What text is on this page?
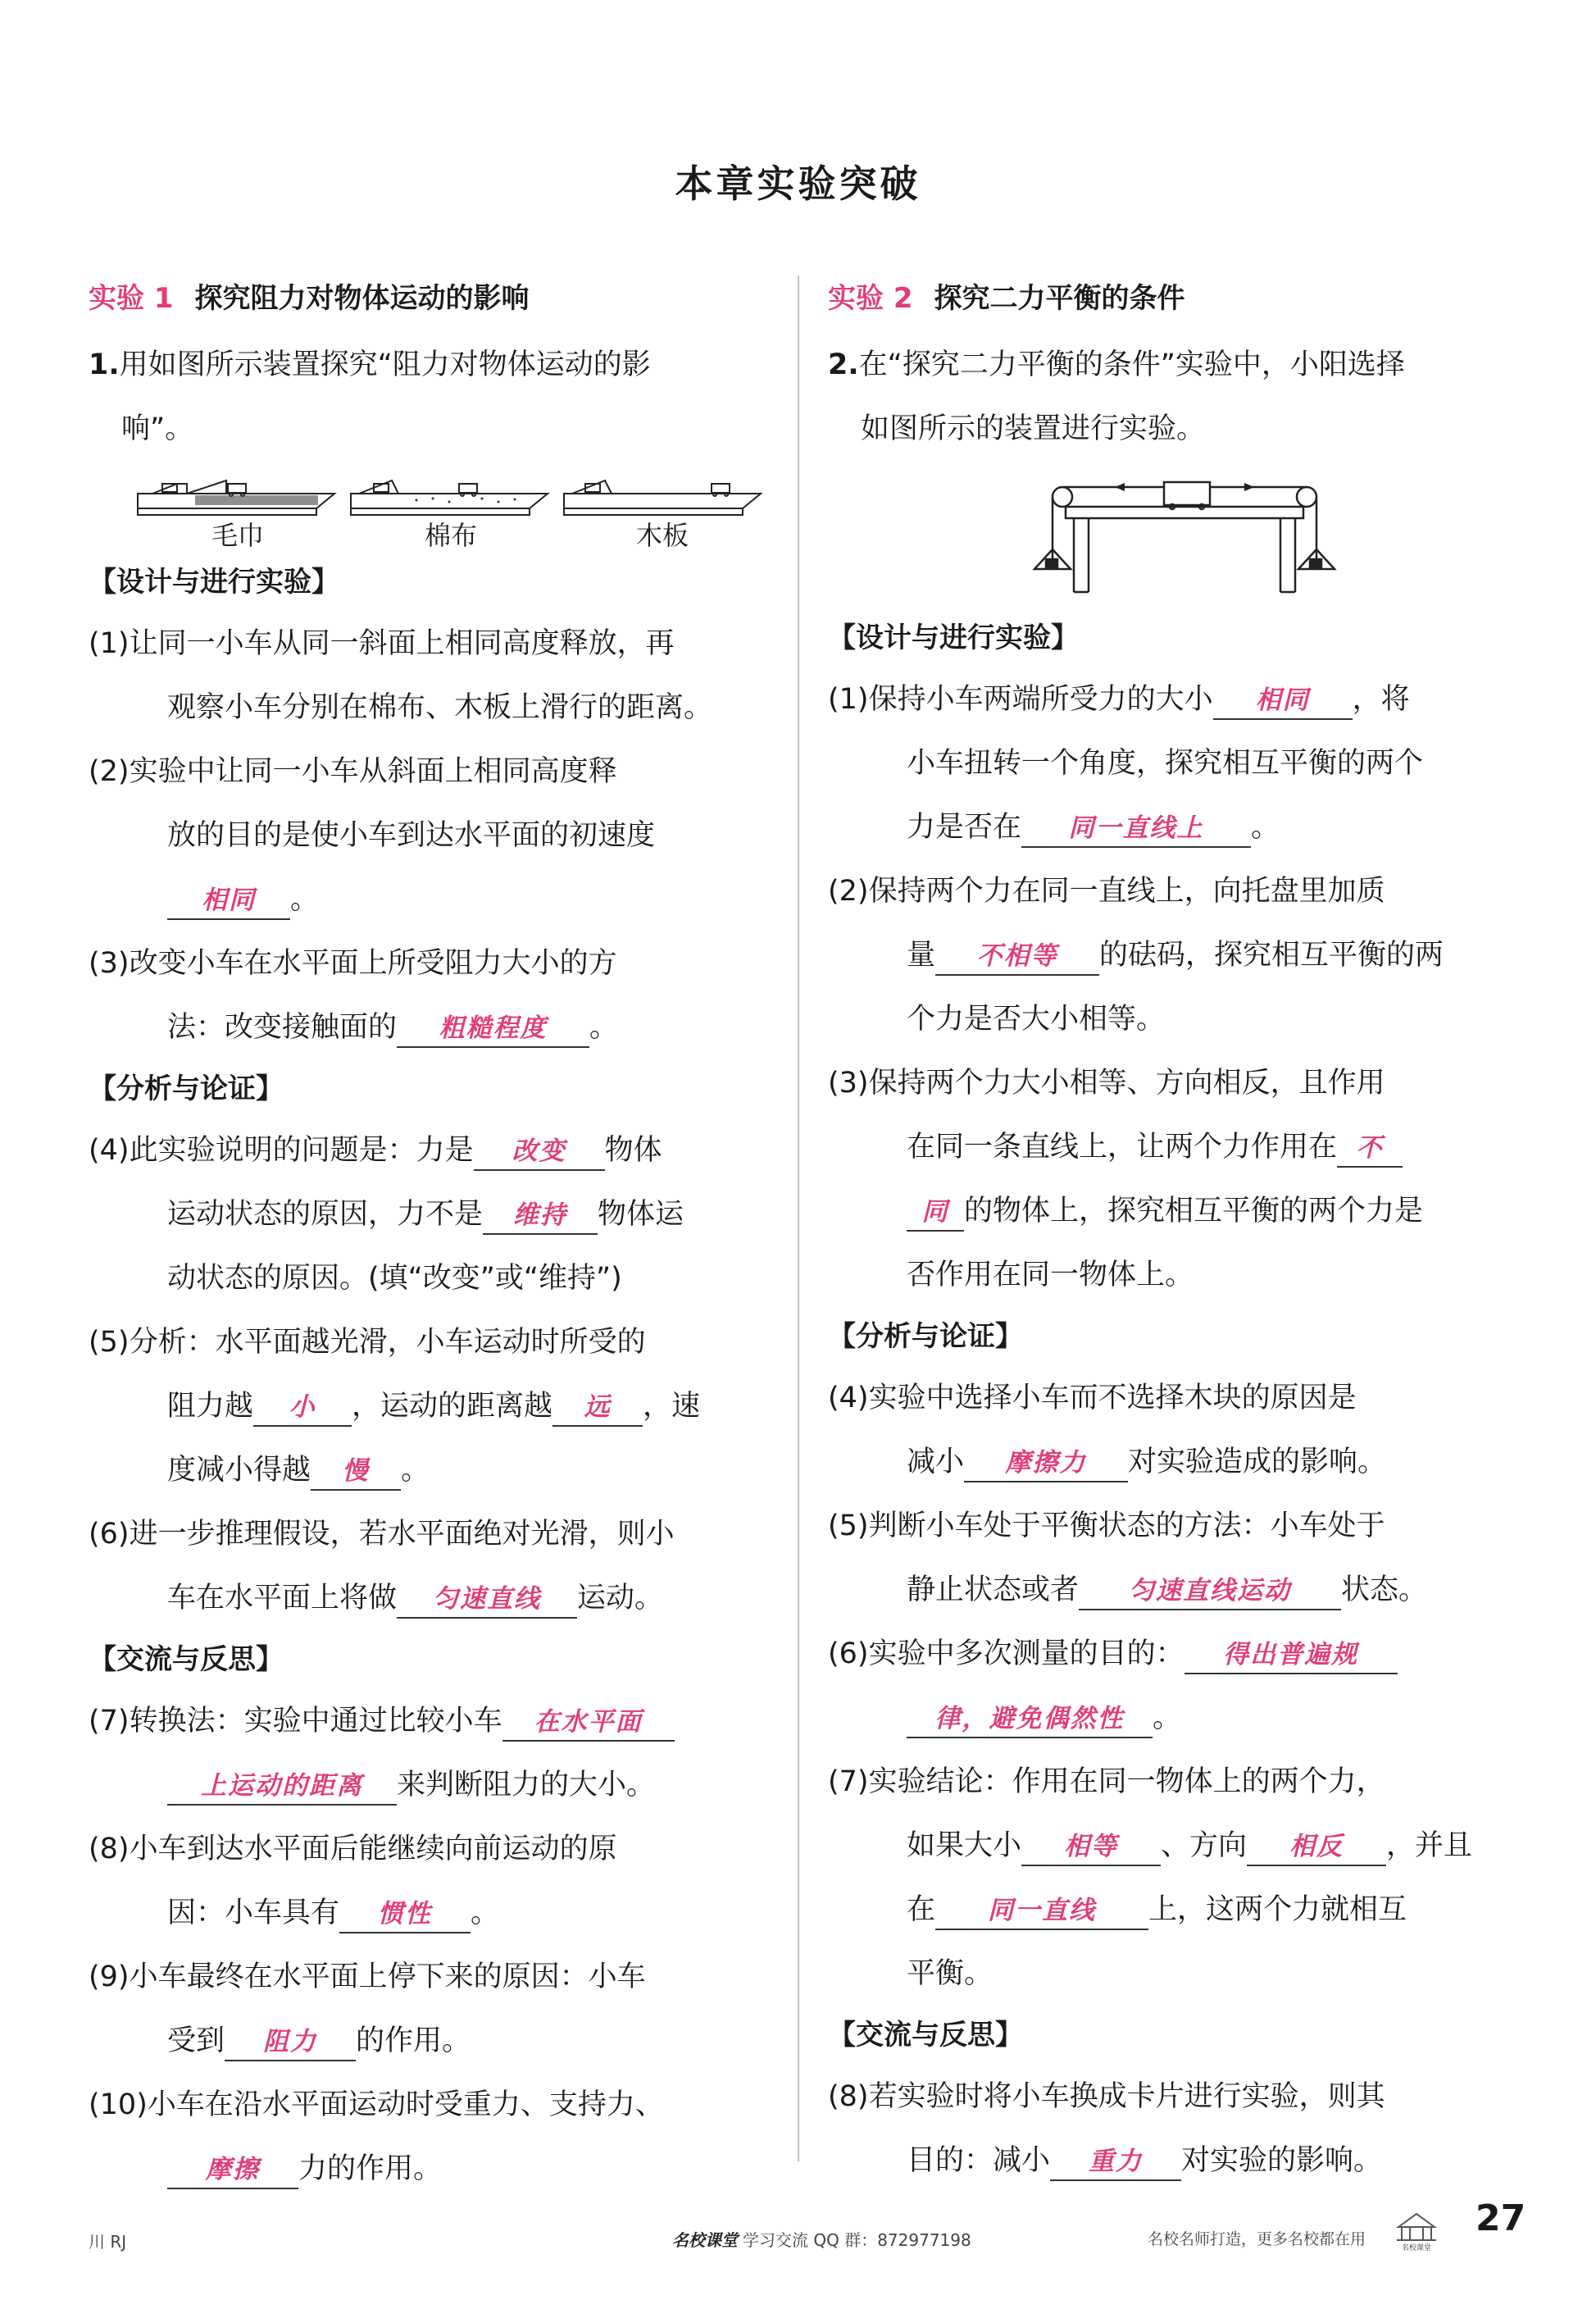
本章实验突破
实验 1 探究阻力对物体运动的影响
1.用如图所示装置探究“阻力对物体运动的影
响”。
毛巾	棉布	木板
【设计与进行实验】
(1)让同一小车从同一斜面上相同高度释放，再
观察小车分别在棉布、木板上滑行的距离。
(2)实验中让同一小车从斜面上相同高度释
放的目的是使小车到达水平面的初速度
相同 。
(3)改变小车在水平面上所受阻力大小的方
法：改变接触面的 粗糙程度 。
【分析与论证】
(4)此实验说明的问题是：力是 改变 物体
运动状态的原因，力不是 维持 物体运
动状态的原因。(填“改变”或“维持”)
(5)分析：水平面越光滑，小车运动时所受的
阻力越 小 ，运动的距离越 远 ，速
度减小得越 慢 。
(6)进一步推理假设，若水平面绝对光滑，则小
车在水平面上将做 匀速直线 运动。
【交流与反思】
(7)转换法：实验中通过比较小车 在水平面
上运动的距离 来判断阻力的大小。
(8)小车到达水平面后能继续向前运动的原
因：小车具有 惯性 。
(9)小车最终在水平面上停下来的原因：小车
受到 阻力 的作用。
(10)小车在沿水平面运动时受重力、支持力、
摩擦 力的作用。
实验 2 探究二力平衡的条件
2.在“探究二力平衡的条件”实验中，小阳选择
如图所示的装置进行实验。
【设计与进行实验】
(1)保持小车两端所受力的大小 相同 ，将
小车扭转一个角度，探究相互平衡的两个
力是否在 同一直线上 。
(2)保持两个力在同一直线上，向托盘里加质
量 不相等 的砝码，探究相互平衡的两
个力是否大小相等。
(3)保持两个力大小相等、方向相反，且作用
在同一条直线上，让两个力作用在 不
同 的物体上，探究相互平衡的两个力是
否作用在同一物体上。
【分析与论证】
(4)实验中选择小车而不选择木块的原因是
减小 摩擦力 对实验造成的影响。
(5)判断小车处于平衡状态的方法：小车处于
静止状态或者 匀速直线运动 状态。
(6)实验中多次测量的目的： 得出普遍规
律，避免偶然性 。
(7)实验结论：作用在同一物体上的两个力，
如果大小 相等 、方向 相反 ，并且
在 同一直线 上，这两个力就相互
平衡。
【交流与反思】
(8)若实验时将小车换成卡片进行实验，则其
目的：减小 重力 对实验的影响。
川 RJ	名校课堂 学习交流 QQ 群：872977198	名校名师打造，更多名校都在用	名校课堂
27
